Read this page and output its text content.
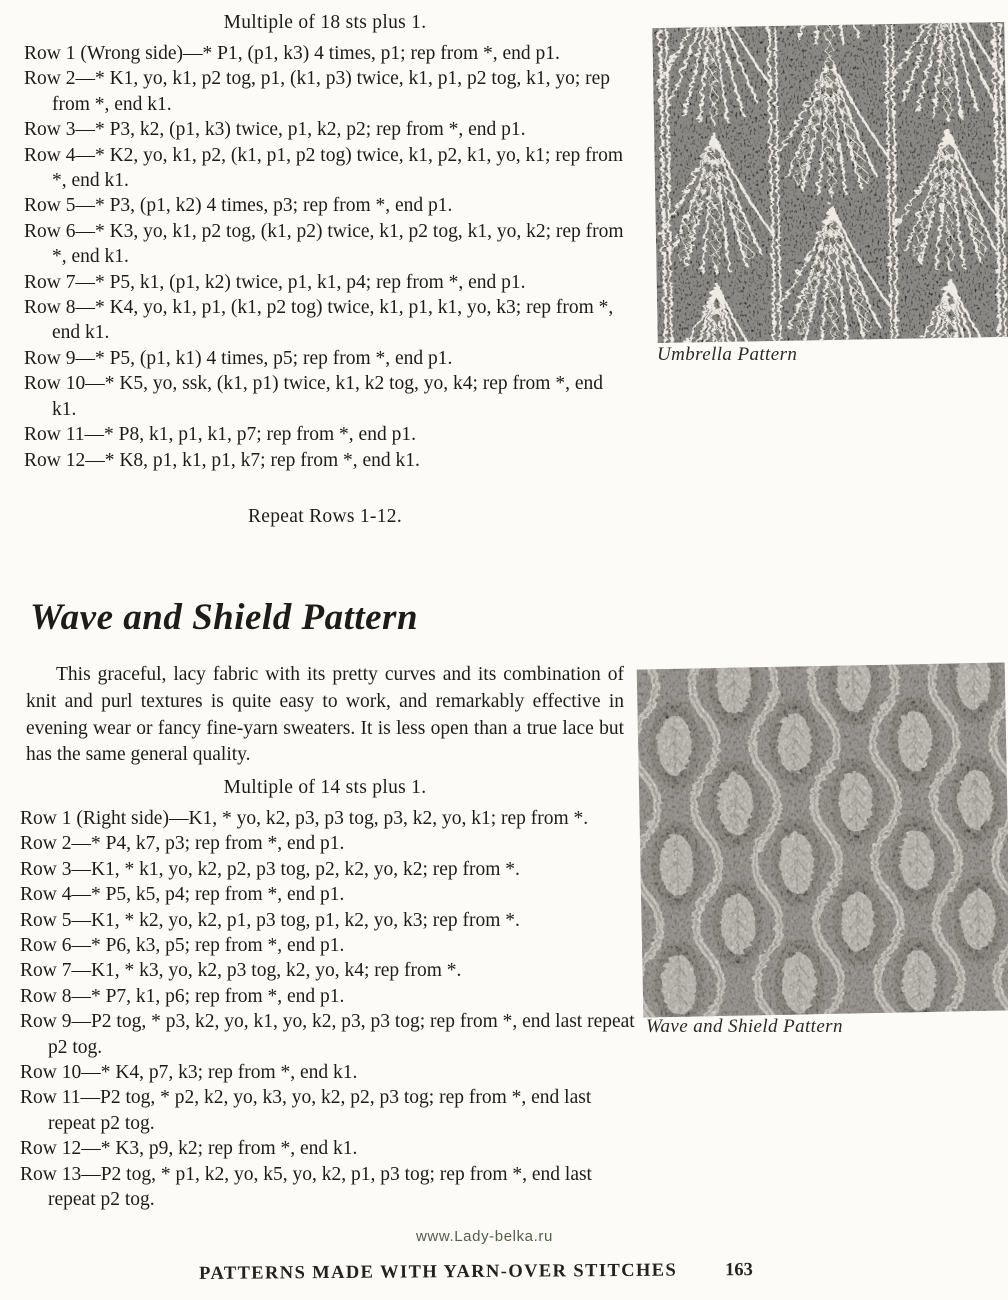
Multiple of 18 sts plus 1.

Row 1 (Wrong side)—* P1, (p1, k3) 4 times, p1; rep from *, end p1.

Row 2—* K1, yo, k1, p2 tog, p1, (k1, p3) twice, k1, p1, p2 tog, k1, yo; rep from *, end k1.

Row 3—* P3, k2, (p1, k3) twice, p1, k2, p2; rep from *, end p1.

Row 4—* K2, yo, k1, p2, (k1, p1, p2 tog) twice, k1, p2, k1, yo, k1; rep from *, end k1.

Row 5—* P3, (p1, k2) 4 times, p3; rep from *, end p1.

Row 6—* K3, yo, k1, p2 tog, (k1, p2) twice, k1, p2 tog, k1, yo, k2; rep from *, end k1.

Row 7—* P5, k1, (p1, k2) twice, p1, k1, p4; rep from *, end p1.

Row 8—* K4, yo, k1, p1, (k1, p2 tog) twice, k1, p1, k1, yo, k3; rep from *, end k1.

Row 9—* P5, (p1, k1) 4 times, p5; rep from *, end p1.

Row 10—* K5, yo, ssk, (k1, p1) twice, k1, k2 tog, yo, k4; rep from *, end k1.

Row 11—* P8, k1, p1, k1, p7; rep from *, end p1.

Row 12—* K8, p1, k1, p1, k7; rep from *, end k1.

Repeat Rows 1-12.
Wave and Shield Pattern
This graceful, lacy fabric with its pretty curves and its combination of knit and purl textures is quite easy to work, and remarkably effective in evening wear or fancy fine-yarn sweaters. It is less open than a true lace but has the same general quality.
Multiple of 14 sts plus 1.

Row 1 (Right side)—K1, * yo, k2, p3, p3 tog, p3, k2, yo, k1; rep from *.

Row 2—* P4, k7, p3; rep from *, end p1.

Row 3—K1, * k1, yo, k2, p2, p3 tog, p2, k2, yo, k2; rep from *.

Row 4—* P5, k5, p4; rep from *, end p1.

Row 5—K1, * k2, yo, k2, p1, p3 tog, p1, k2, yo, k3; rep from *.

Row 6—* P6, k3, p5; rep from *, end p1.

Row 7—K1, * k3, yo, k2, p3 tog, k2, yo, k4; rep from *.

Row 8—* P7, k1, p6; rep from *, end p1.

Row 9—P2 tog, * p3, k2, yo, k1, yo, k2, p3, p3 tog; rep from *, end last repeat p2 tog.

Row 10—* K4, p7, k3; rep from *, end k1.

Row 11—P2 tog, * p2, k2, yo, k3, yo, k2, p2, p3 tog; rep from *, end last repeat p2 tog.

Row 12—* K3, p9, k2; rep from *, end k1.

Row 13—P2 tog, * p1, k2, yo, k5, yo, k2, p1, p3 tog; rep from *, end last repeat p2 tog.

Umbrella Pattern
Wave and Shield Pattern
www.Lady-belka.ru
PATTERNS MADE WITH YARN-OVER STITCHES	163
